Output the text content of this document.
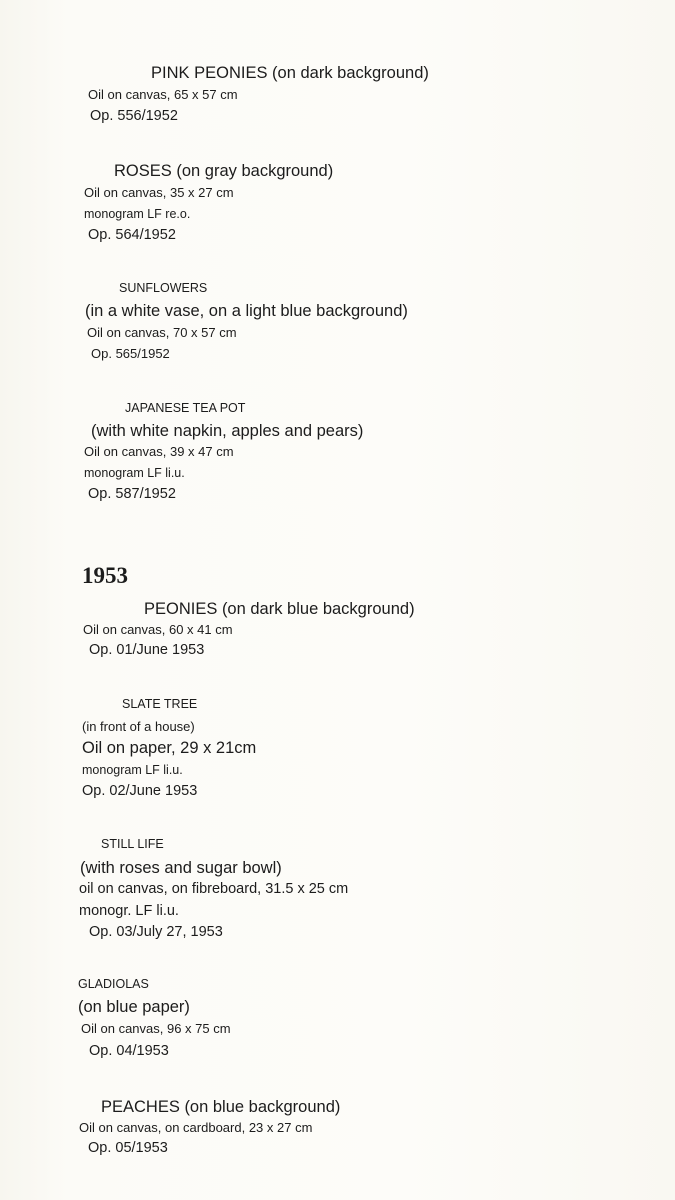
PINK PEONIES (on dark background)
Oil on canvas, 65 x 57 cm
Op. 556/1952
ROSES (on gray background)
Oil on canvas, 35 x 27 cm
monogram LF re.o.
Op. 564/1952
SUNFLOWERS
(in a white vase, on a light blue background)
Oil on canvas, 70 x 57 cm
Op. 565/1952
JAPANESE TEA POT
(with white napkin, apples and pears)
Oil on canvas, 39 x 47 cm
monogram LF li.u.
Op. 587/1952
1953
PEONIES (on dark blue background)
Oil on canvas, 60 x 41 cm
Op. 01/June 1953
SLATE TREE
(in front of a house)
Oil on paper, 29 x 21cm
monogram LF li.u.
Op. 02/June 1953
STILL LIFE
(with roses and sugar bowl)
oil on canvas, on fibreboard, 31.5 x 25 cm
monogr. LF li.u.
Op. 03/July 27, 1953
GLADIOLAS
(on blue paper)
Oil on canvas, 96 x 75 cm
Op. 04/1953
PEACHES (on blue background)
Oil on canvas, on cardboard, 23 x 27 cm
Op. 05/1953
